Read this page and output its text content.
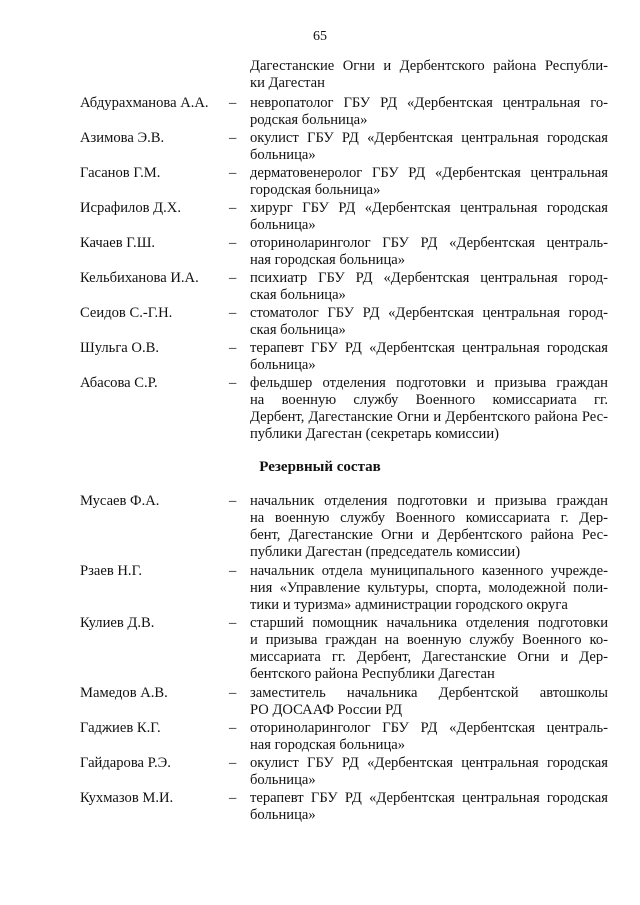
65
Дагестанские Огни и Дербентского района Республи-
ки Дагестан
Абдурахманова А.А. – невропатолог ГБУ РД «Дербентская центральная го-
родская больница»
Азимова Э.В.	– окулист ГБУ РД «Дербентская центральная городская
больница»
Гасанов Г.М.	– дерматовенеролог ГБУ РД «Дербентская центральная
городская больница»
Исрафилов Д.Х.	– хирург ГБУ РД «Дербентская центральная городская
больница»
Качаев Г.Ш.	– оториноларинголог ГБУ РД «Дербентская централь-
ная городская больница»
Кельбиханова И.А. – психиатр ГБУ РД «Дербентская центральная город-
ская больница»
Сеидов С.-Г.Н.	– стоматолог ГБУ РД «Дербентская центральная город-
ская больница»
Шульга О.В.	– терапевт ГБУ РД «Дербентская центральная городская
больница»
Абасова С.Р.	– фельдшер отделения подготовки и призыва граждан
на военную службу Военного комиссариата гг.
Дербент, Дагестанские Огни и Дербентского района Рес-
публики Дагестан (секретарь комиссии)
Резервный состав
Мусаев Ф.А.	– начальник отделения подготовки и призыва граждан
на военную службу Военного комиссариата г. Дер-
бент, Дагестанские Огни и Дербентского района Рес-
публики Дагестан (председатель комиссии)
Рзаев Н.Г.	– начальник отдела муниципального казенного учрежде-
ния «Управление культуры, спорта, молодежной поли-
тики и туризма» администрации городского округа
Кулиев Д.В.	– старший помощник начальника отделения подготовки
и призыва граждан на военную службу Военного ко-
миссариата гг. Дербент, Дагестанские Огни и Дер-
бентского района Республики Дагестан
Мамедов А.В.	– заместитель начальника Дербентской автошколы
РО ДОСААФ России РД
Гаджиев К.Г.	– оториноларинголог ГБУ РД «Дербентская централь-
ная городская больница»
Гайдарова Р.Э.	– окулист ГБУ РД «Дербентская центральная городская
больница»
Кухмазов М.И.	– терапевт ГБУ РД «Дербентская центральная городская
больница»
